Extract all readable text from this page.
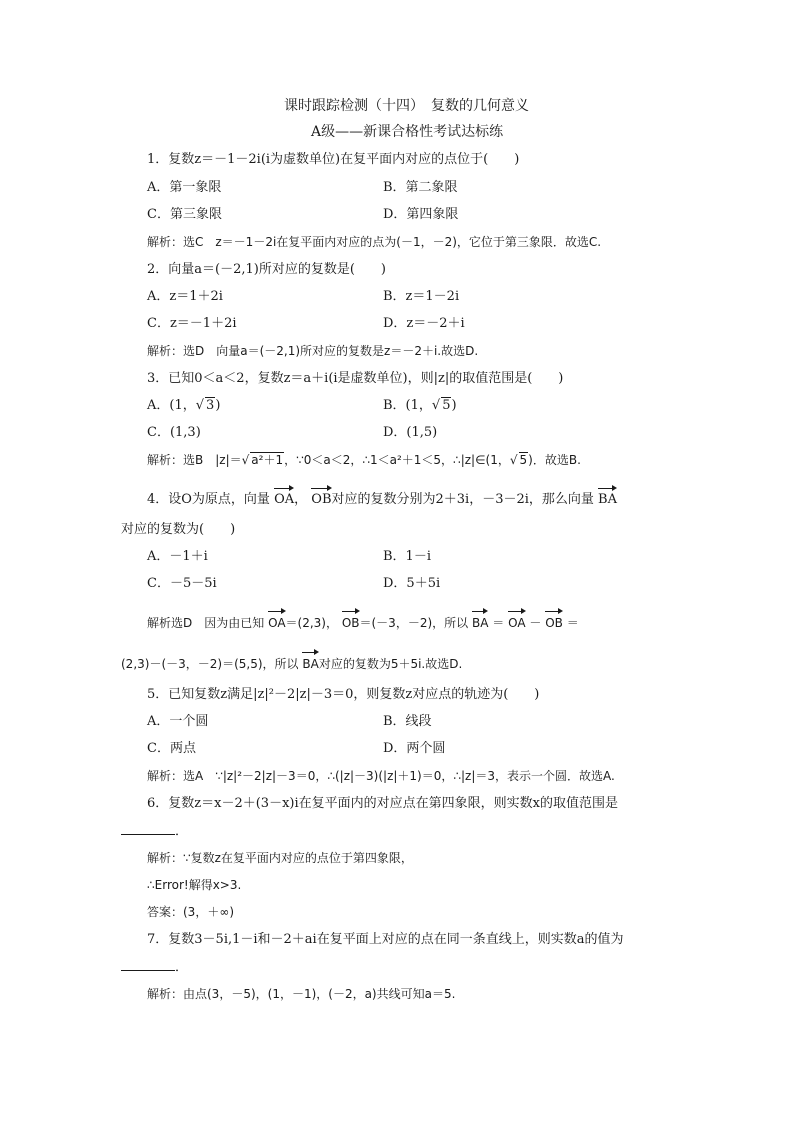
课时跟踪检测（十四）　复数的几何意义
A级——新课合格性考试达标练
1．复数z＝－1－2i(i为虚数单位)在复平面内对应的点位于(　　)
A．第一象限	B．第二象限
C．第三象限	D．第四象限
解析：选C　z＝－1－2i在复平面内对应的点为(－1，－2)，它位于第三象限．故选C.
2．向量a＝(－2,1)所对应的复数是(　　)
A．z＝1＋2i	B．z＝1－2i
C．z＝－1＋2i	D．z＝－2＋i
解析：选D　向量a＝(－2,1)所对应的复数是z＝－2＋i.故选D.
3．已知0＜a＜2，复数z＝a＋i(i是虚数单位)，则|z|的取值范围是(　　)
A．(1，√ 3)	B．(1，√ 5)
C．(1,3)	D．(1,5)
解析：选B　|z|＝√ a²＋1，∵0＜a＜2，∴1＜a²＋1＜5，∴|z|∈(1，√ 5)．故选B.
4．设O为原点，向量 OA， OB对应的复数分别为2＋3i，－3－2i，那么向量 BA
对应的复数为(　　)
A．－1＋i	B．1－i
C．－5－5i	D．5＋5i
解析选D　因为由已知 OA＝(2,3)， OB＝(－3，－2)，所以 BA ＝ OA － OB ＝
(2,3)－(－3，－2)＝(5,5)，所以 BA对应的复数为5＋5i.故选D.
5．已知复数z满足|z|²－2|z|－3＝0，则复数z对应点的轨迹为(　　)
A．一个圆	B．线段
C．两点	D．两个圆
解析：选A　∵|z|²－2|z|－3＝0，∴(|z|－3)(|z|＋1)＝0，∴|z|＝3，表示一个圆．故选A.
6．复数z＝x－2＋(3－x)i在复平面内的对应点在第四象限，则实数x的取值范围是
．
解析：∵复数z在复平面内对应的点位于第四象限，
∴Error!解得x>3.
答案：(3，＋∞)
7．复数3－5i,1－i和－2＋ai在复平面上对应的点在同一条直线上，则实数a的值为
．
解析：由点(3，－5)，(1，－1)，(－2，a)共线可知a＝5.
